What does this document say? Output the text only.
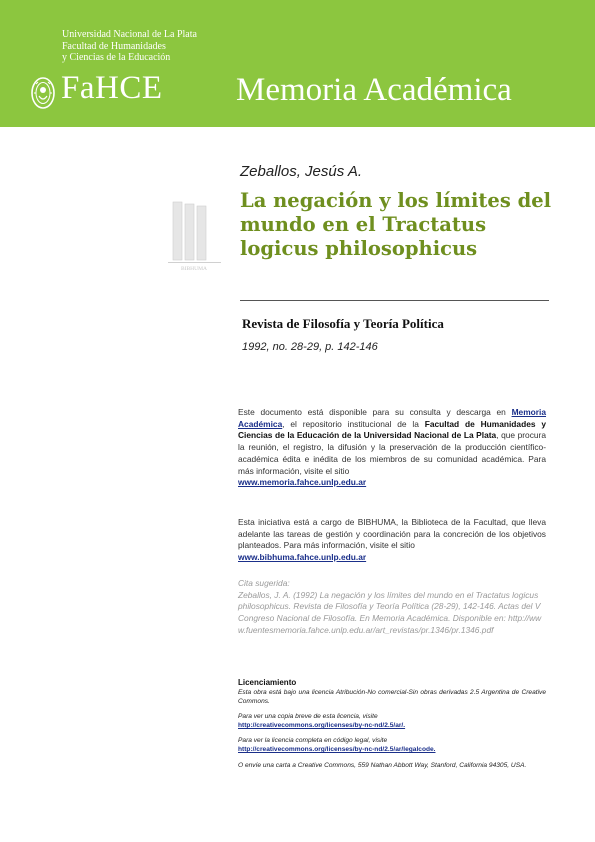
Universidad Nacional de La Plata
Facultad de Humanidades
y Ciencias de la Educación
FaHCE Memoria Académica
BIBHUMA
Zeballos, Jesús A.
La negación y los límites del mundo en el Tractatus logicus philosophicus
Revista de Filosofía y Teoría Política
1992, no. 28-29, p. 142-146
Este documento está disponible para su consulta y descarga en Memoria Académica, el repositorio institucional de la Facultad de Humanidades y Ciencias de la Educación de la Universidad Nacional de La Plata, que procura la reunión, el registro, la difusión y la preservación de la producción científico-académica édita e inédita de los miembros de su comunidad académica. Para más información, visite el sitio
www.memoria.fahce.unlp.edu.ar
Esta iniciativa está a cargo de BIBHUMA, la Biblioteca de la Facultad, que lleva adelante las tareas de gestión y coordinación para la concreción de los objetivos planteados. Para más información, visite el sitio
www.bibhuma.fahce.unlp.edu.ar
Cita sugerida:
Zeballos, J. A. (1992) La negación y los límites del mundo en el Tractatus logicus philosophicus. Revista de Filosofía y Teoría Política (28-29), 142-146. Actas del V Congreso Nacional de Filosofía. En Memoria Académica. Disponible en: http://www.fuentesmemoria.fahce.unlp.edu.ar/art_revistas/pr.1346/pr.1346.pdf
Licenciamiento

Esta obra está bajo una licencia Atribución-No comercial-Sin obras derivadas 2.5 Argentina de Creative Commons.

Para ver una copia breve de esta licencia, visite
http://creativecommons.org/licenses/by-nc-nd/2.5/ar/.

Para ver la licencia completa en código legal, visite
http://creativecommons.org/licenses/by-nc-nd/2.5/ar/legalcode.

O envíe una carta a Creative Commons, 559 Nathan Abbott Way, Stanford, California 94305, USA.
